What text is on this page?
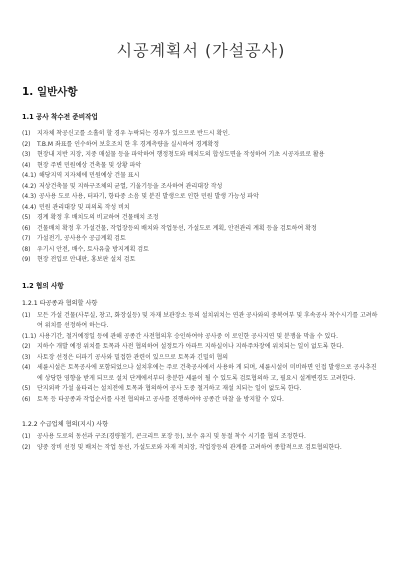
시공계획서 (가설공사)
1. 일반사항
1.1 공사 착수전 준비작업
(1)	지자체 착공신고를 소홀히 할 경우 누락되는 경우가 있으므로 반드시 확인.
(2)	T.B.M 좌표를 인수하여 보호조치 한 후 경계측량을 실시하여 경계확정
(3)	현장내 지반 지장, 지중 매설물 등을 파악하여 행정청도와 배치도의 합성도면을 작성하여 기초 시공자료로 활용
(4)	현장 주변 민원예상 건축물 및 상황 파악
(4.1) 해당지역 지자체에 민원예상 건물 표시
(4.2) 저상건축물 및 지하구조체의 균열, 기울기등을 조사하여 관리대장 작성
(4.3) 공사용 도로 사용, 터파기, 항타중 소음 및 분진 발생으로 인한 민원 발생 가능성 파악
(4.4) 민원 관리대장 및 피의록 작성 비치
(5)	경계 확정 후 배치도의 비교하여 건물배치 조정
(6)	건물배치 확정 후 가설건물, 작업장등의 배치와 작업동선, 가설도로 계획, 안전관리 계획 등을 검토하여 확정
(7)	가설전기, 공사용수 공급계획 검토
(8)	우기시 안전, 배수, 토사유출 방지계획 검토
(9)	현장 전입로 안내판, 홍보판 설치 검토
1.2 협의 사항
1.2.1 타공종과 협의할 사항
(1)	모든 가설 건물(사무실, 창고, 화장실등) 및 자재 보관장소 등의 설치위치는 연관 공사와의 중복여부 및 후속공사 착수시기를 고려하여 위치를 선정하여 하는다.
(1.1) 사용기간, 철거예정일 등에 관해 공종간 사전협의후 승인하여야 공사중 이 로인한 공사지연 및 분쟁을 막을 수 있다.
(2)	지하수 개발 예정 위치를 토목과 사전 협의하여 설정토가 아파트 지하실이나 지하주차장에 위치되는 일이 없도록 한다.
(3)	사토장 선정은 터파기 공사와 밀접한 관련이 있으므로 토목과 긴밀히 협의
(4)	세륜시설은 토목공사에 포함되었으나 설치후에는 주로 건축공사에서 사용하 게 되며, 세륜시설이 미비하면 인접 발생으로 공사추진에 상당한 영향을 받게 되므로 설치 단계에서부터 충분한 세륜이 될 수 있도록 검토협의하 고, 필요시 설계변경도 고려한다.
(5)	단지외곽 가설 울타리는 설치전에 토목과 협의하여 공사 도중 철거하고 재설 치되는 일이 없도록 한다.
(6)	토목 등 타공종과 작업순서를 사전 협의하고 공사를 진행하여야 공종간 마찰 을 방지할 수 있다.
1.2.2 수급업체 협의(지시) 사항
(1)	공사용 도로의 동선과 구조(경량철기, 콘크리트 포장 등), 보수 유지 및 동절 착수 시기를 협의 조정한다.
(2)	양중 장비 선정 및 배치는 작업 동선, 가설도로와 자재 적치장, 작업장등의 관계를 고려하여 종합적으로 검토협의한다.
